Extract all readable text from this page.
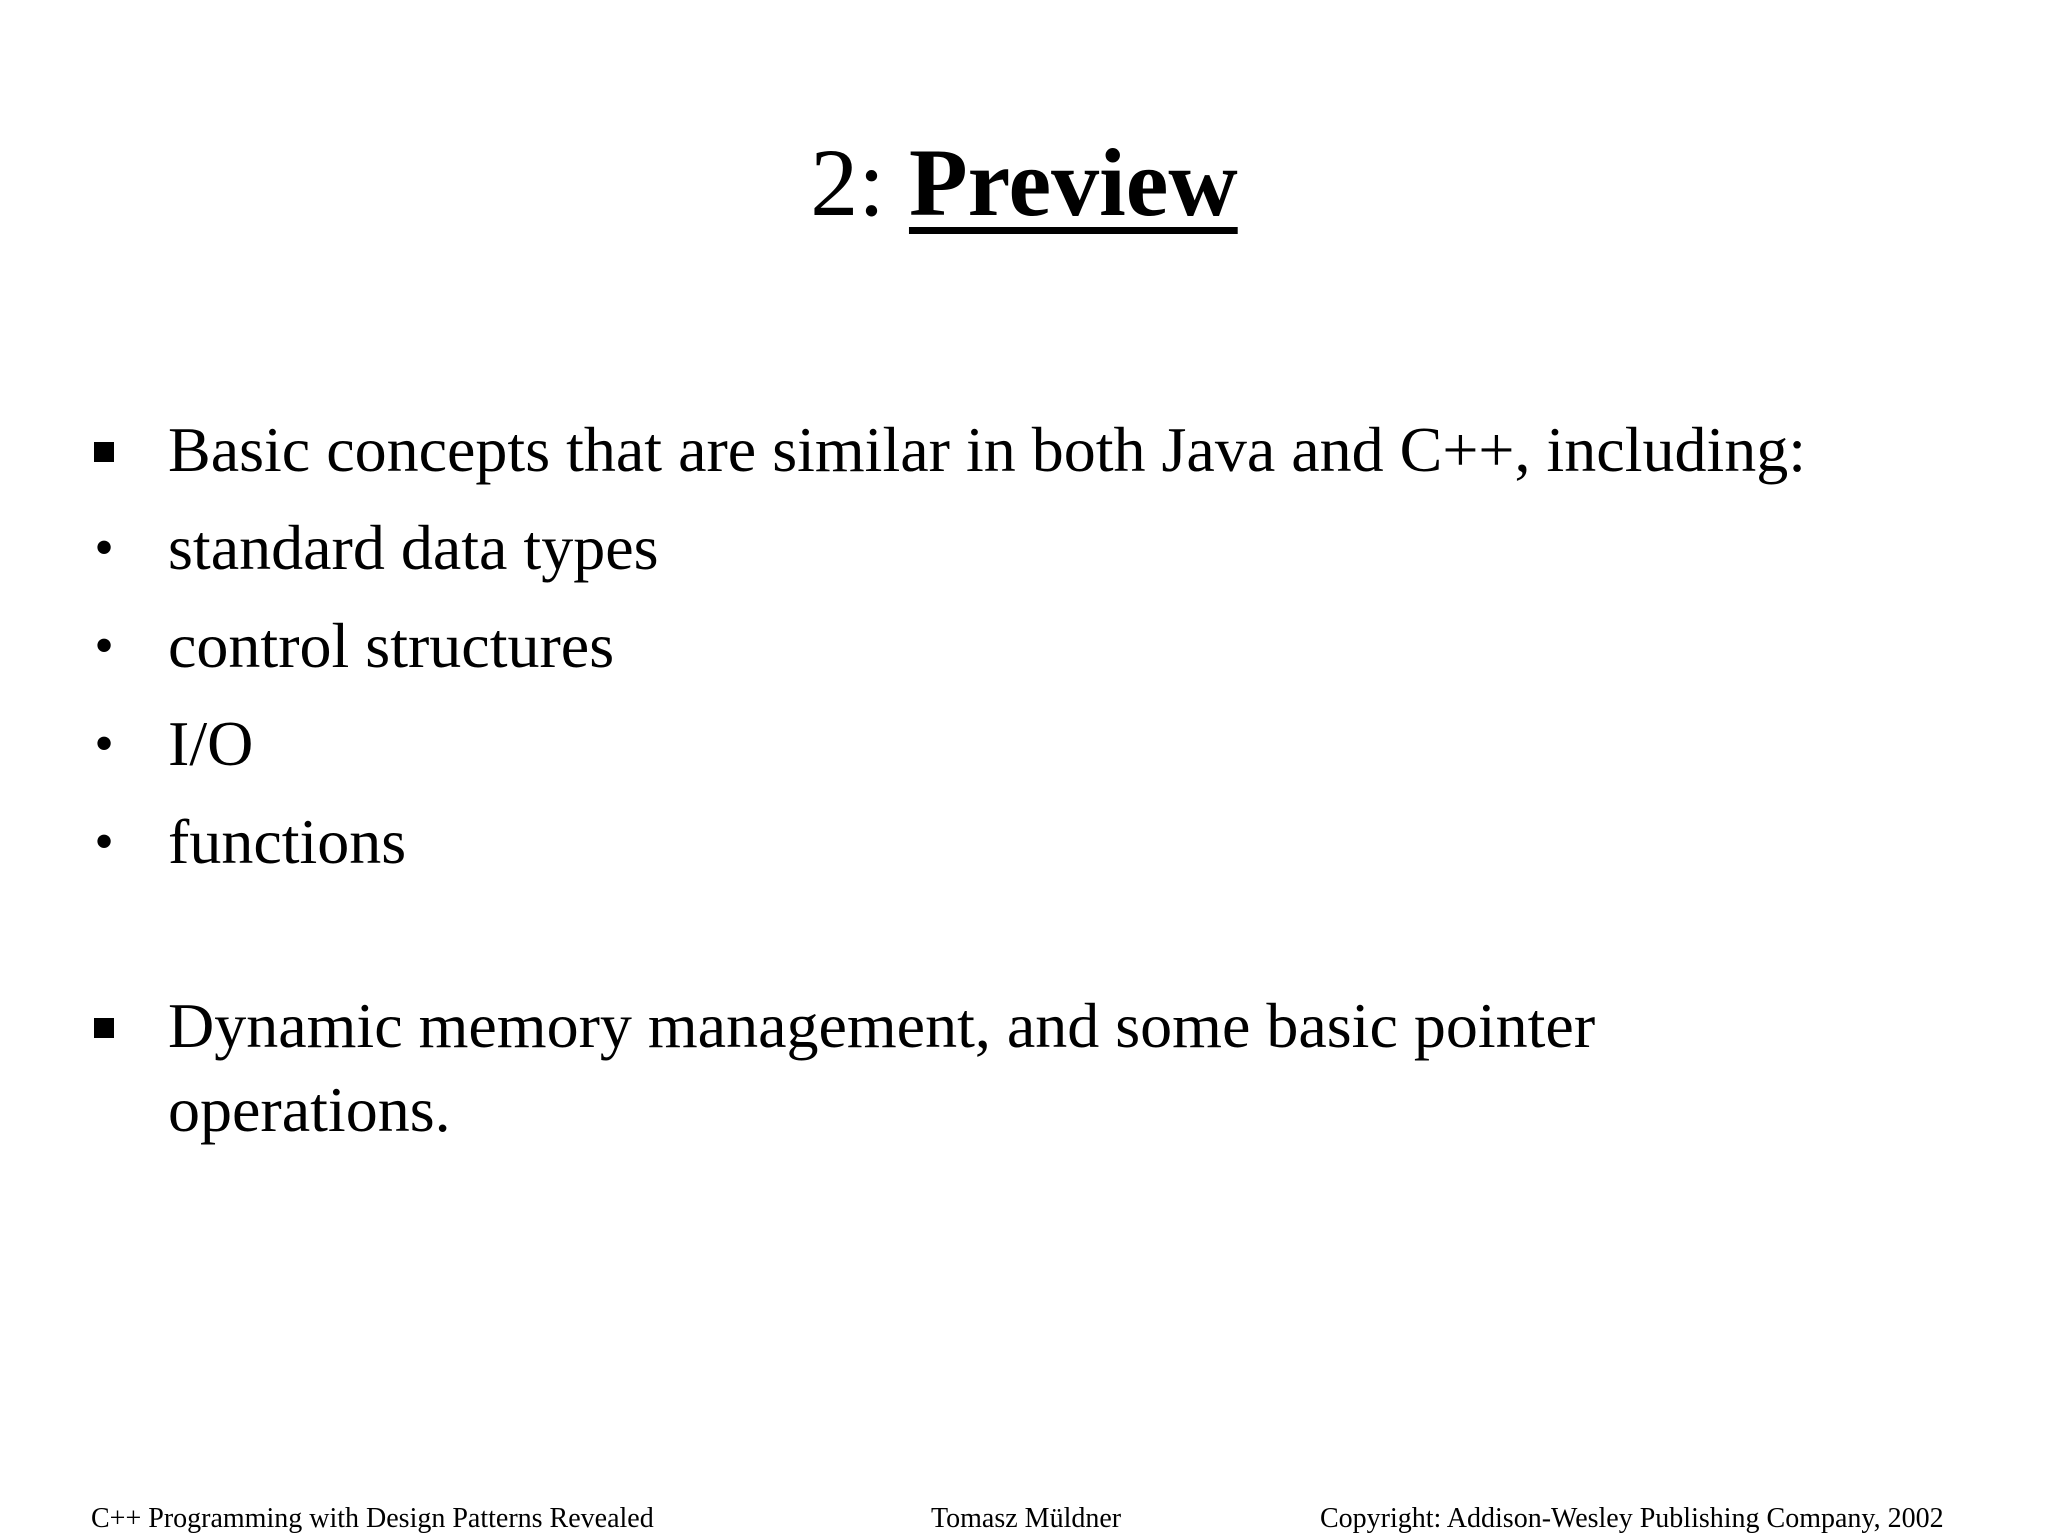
2: Preview
Basic concepts that are similar in both Java and C++, including:
• standard data types
• control structures
• I/O
• functions
Dynamic memory management, and some basic pointer
operations.
C++ Programming with Design Patterns Revealed	Tomasz Müldner	Copyright: Addison-Wesley Publishing Company, 2002
